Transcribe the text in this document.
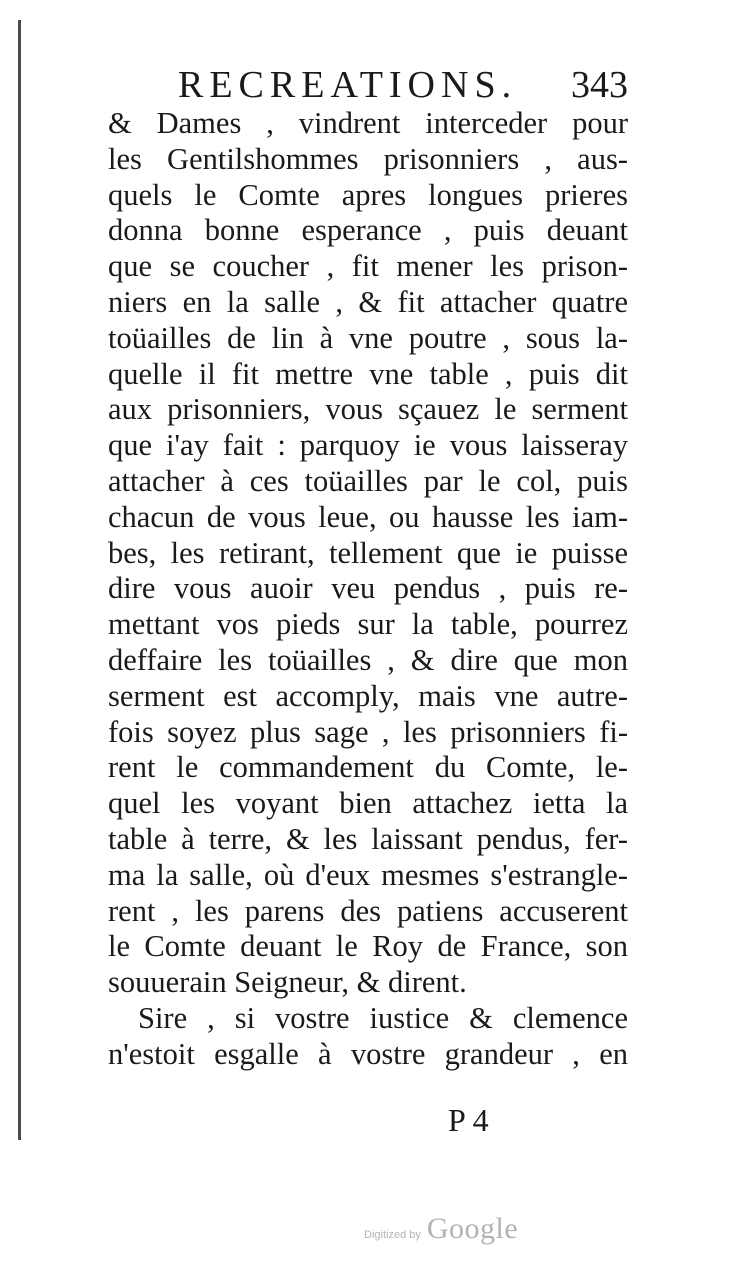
RECREATIONS. 343
& Dames , vindrent interceder pour
les Gentilshommes prisonniers , aus-
quels le Comte apres longues prieres
donna bonne esperance , puis deuant
que se coucher , fit mener les prison-
niers en la salle , & fit attacher quatre
toüailles de lin à vne poutre , sous la-
quelle il fit mettre vne table , puis dit
aux prisonniers, vous sçauez le serment
que i'ay fait : parquoy ie vous laisseray
attacher à ces toüailles par le col, puis
chacun de vous leue, ou hausse les iam-
bes, les retirant, tellement que ie puisse
dire vous auoir veu pendus , puis re-
mettant vos pieds sur la table, pourrez
deffaire les toüailles , & dire que mon
serment est accomply, mais vne autre-
fois soyez plus sage , les prisonniers fi-
rent le commandement du Comte, le-
quel les voyant bien attachez ietta la
table à terre, & les laissant pendus, fer-
ma la salle, où d'eux mesmes s'estrangle-
rent , les parens des patiens accuserent
le Comte deuant le Roy de France, son
souuerain Seigneur, & dirent.
Sire , si vostre iustice & clemence
n'estoit esgalle à vostre grandeur , en
P 4
Digitized by Google
